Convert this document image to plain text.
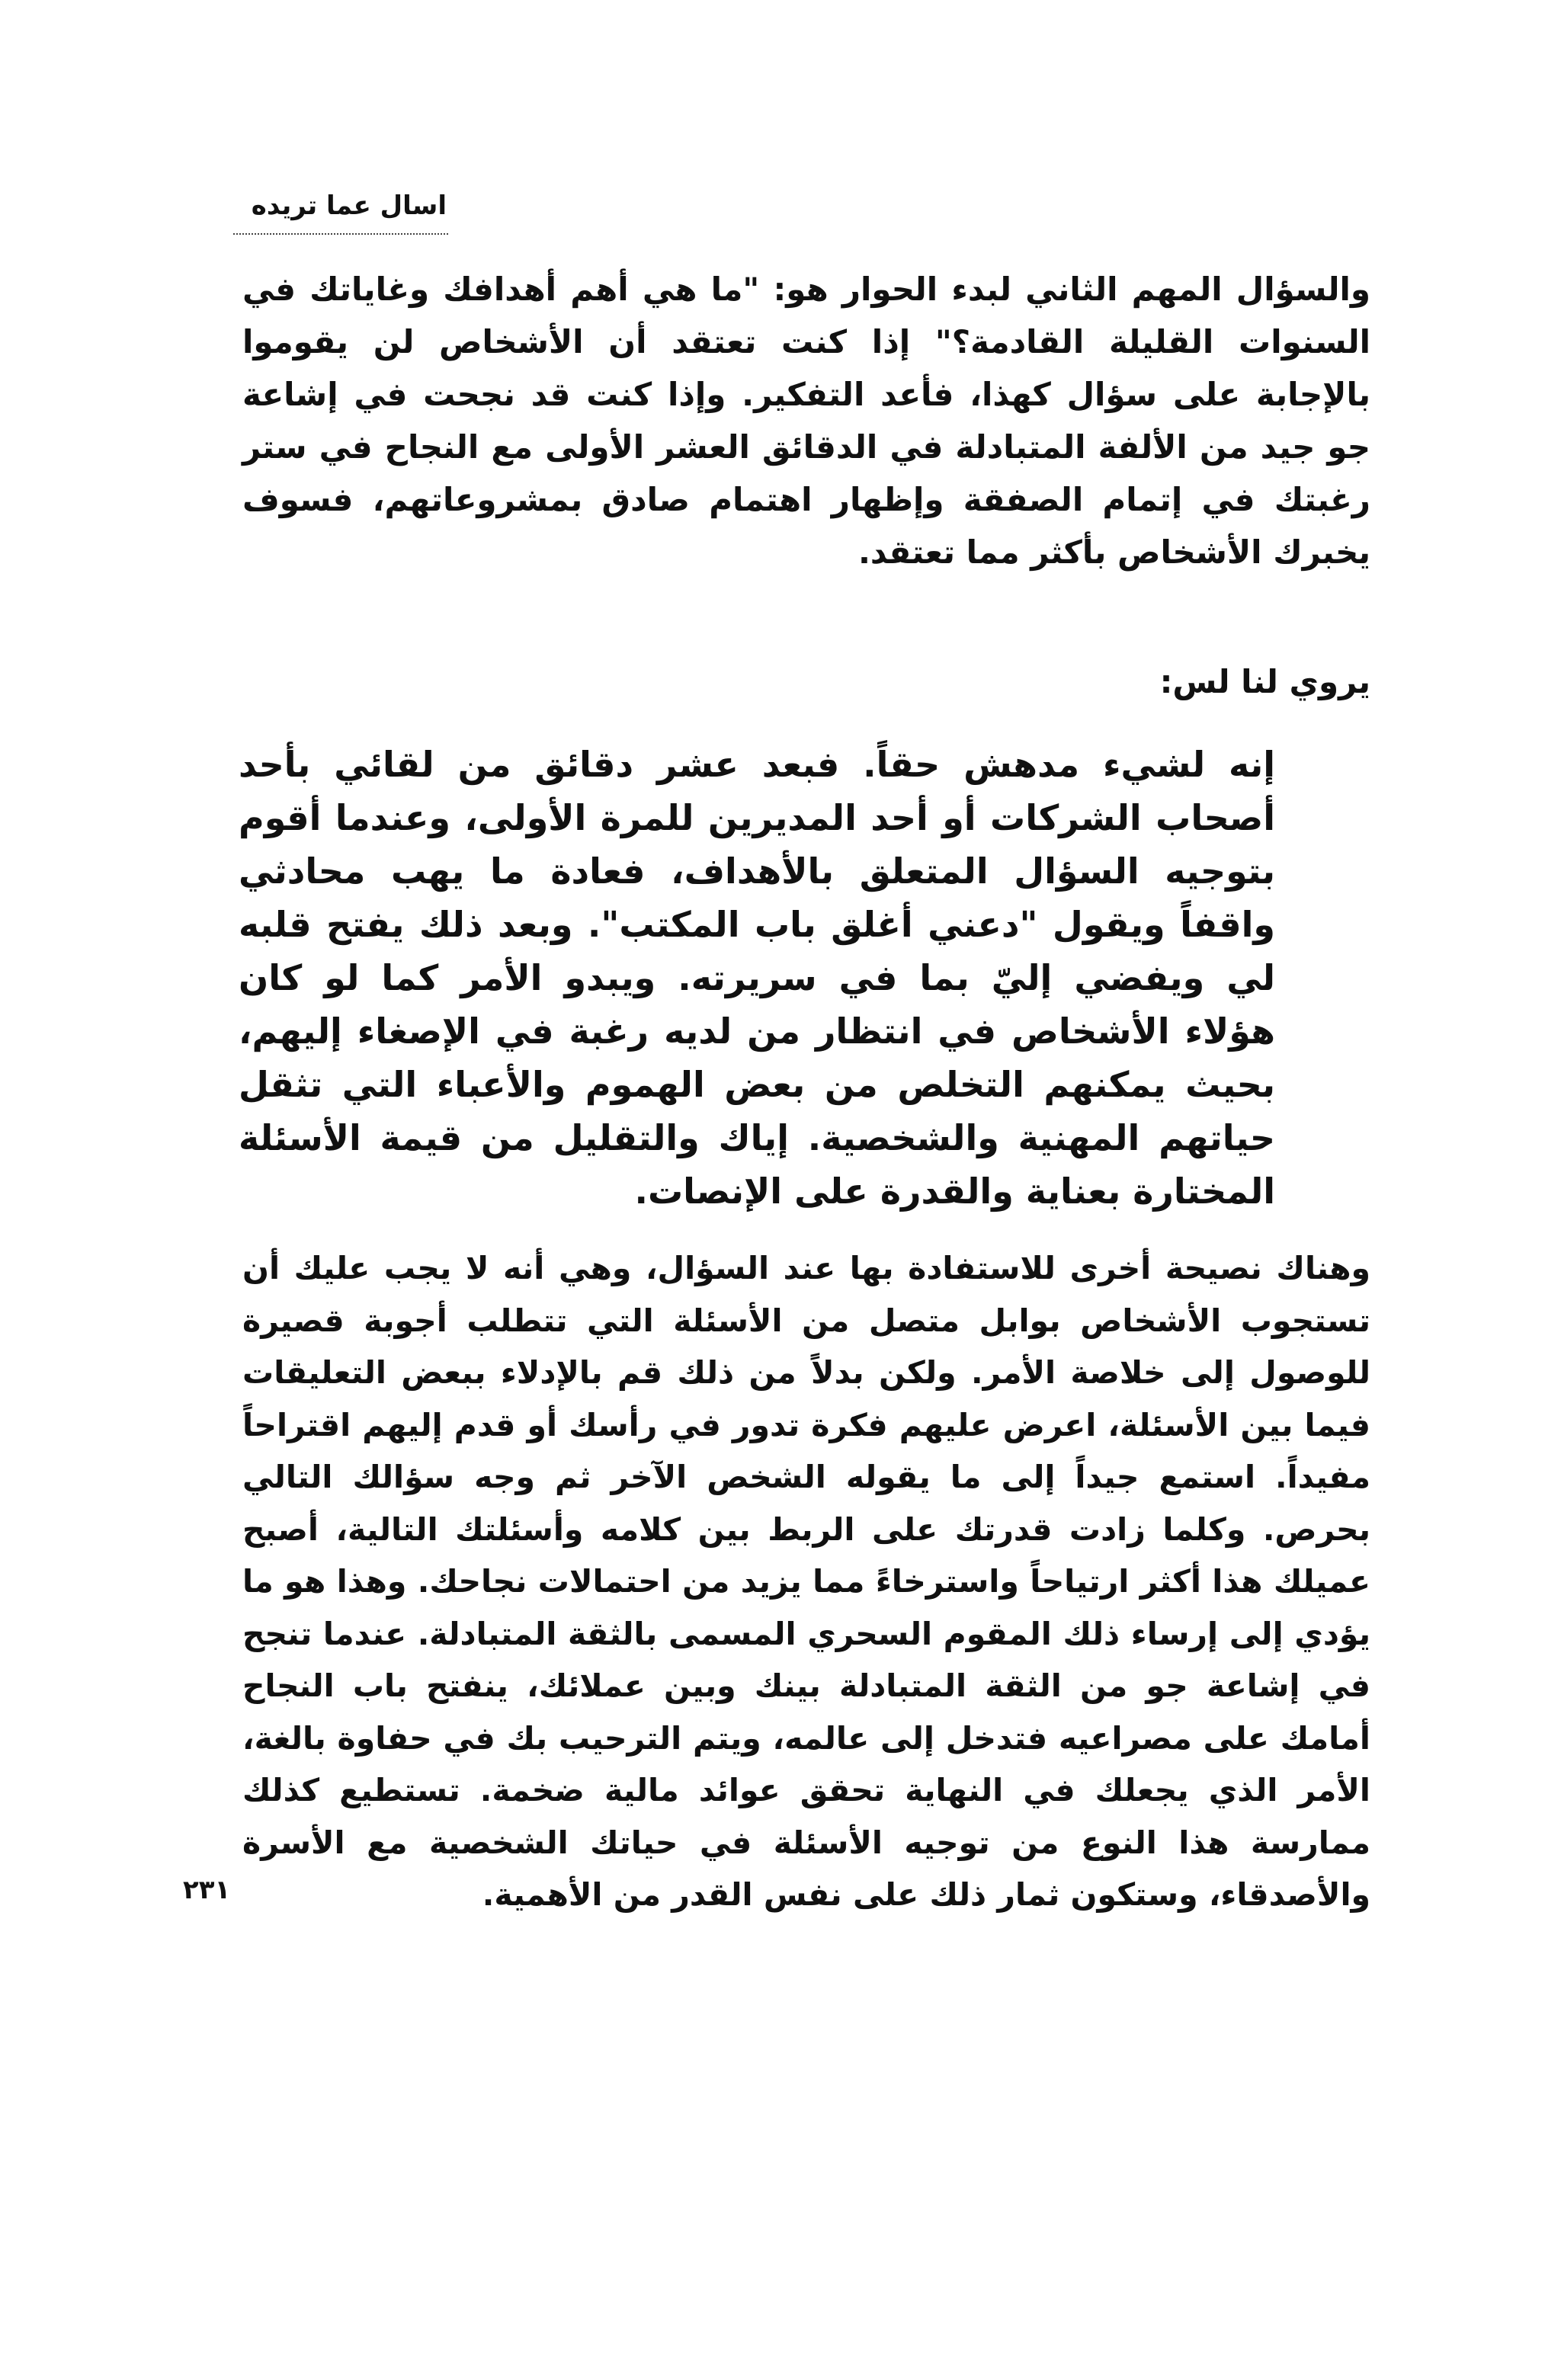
اسال عما تريده

والسؤال المهم الثاني لبدء الحوار هو: "ما هي أهم أهدافك وغاياتك في السنوات القليلة القادمة؟" إذا كنت تعتقد أن الأشخاص لن يقوموا بالإجابة على سؤال كهذا، فأعد التفكير. وإذا كنت قد نجحت في إشاعة جو جيد من الألفة المتبادلة في الدقائق العشر الأولى مع النجاح في ستر رغبتك في إتمام الصفقة وإظهار اهتمام صادق بمشروعاتهم، فسوف يخبرك الأشخاص بأكثر مما تعتقد.

يروي لنا لس:

إنه لشيء مدهش حقاً. فبعد عشر دقائق من لقائي بأحد أصحاب الشركات أو أحد المديرين للمرة الأولى، وعندما أقوم بتوجيه السؤال المتعلق بالأهداف، فعادة ما يهب محادثي واقفاً ويقول "دعني أغلق باب المكتب". وبعد ذلك يفتح قلبه لي ويفضي إليّ بما في سريرته. ويبدو الأمر كما لو كان هؤلاء الأشخاص في انتظار من لديه رغبة في الإصغاء إليهم، بحيث يمكنهم التخلص من بعض الهموم والأعباء التي تثقل حياتهم المهنية والشخصية. إياك والتقليل من قيمة الأسئلة المختارة بعناية والقدرة على الإنصات.

وهناك نصيحة أخرى للاستفادة بها عند السؤال، وهي أنه لا يجب عليك أن تستجوب الأشخاص بوابل متصل من الأسئلة التي تتطلب أجوبة قصيرة للوصول إلى خلاصة الأمر. ولكن بدلاً من ذلك قم بالإدلاء ببعض التعليقات فيما بين الأسئلة، اعرض عليهم فكرة تدور في رأسك أو قدم إليهم اقتراحاً مفيداً. استمع جيداً إلى ما يقوله الشخص الآخر ثم وجه سؤالك التالي بحرص. وكلما زادت قدرتك على الربط بين كلامه وأسئلتك التالية، أصبح عميلك هذا أكثر ارتياحاً واسترخاءً مما يزيد من احتمالات نجاحك. وهذا هو ما يؤدي إلى إرساء ذلك المقوم السحري المسمى بالثقة المتبادلة. عندما تنجح في إشاعة جو من الثقة المتبادلة بينك وبين عملائك، ينفتح باب النجاح أمامك على مصراعيه فتدخل إلى عالمه، ويتم الترحيب بك في حفاوة بالغة، الأمر الذي يجعلك في النهاية تحقق عوائد مالية ضخمة. تستطيع كذلك ممارسة هذا النوع من توجيه الأسئلة في حياتك الشخصية مع الأسرة والأصدقاء، وستكون ثمار ذلك على نفس القدر من الأهمية.

٢٣١
